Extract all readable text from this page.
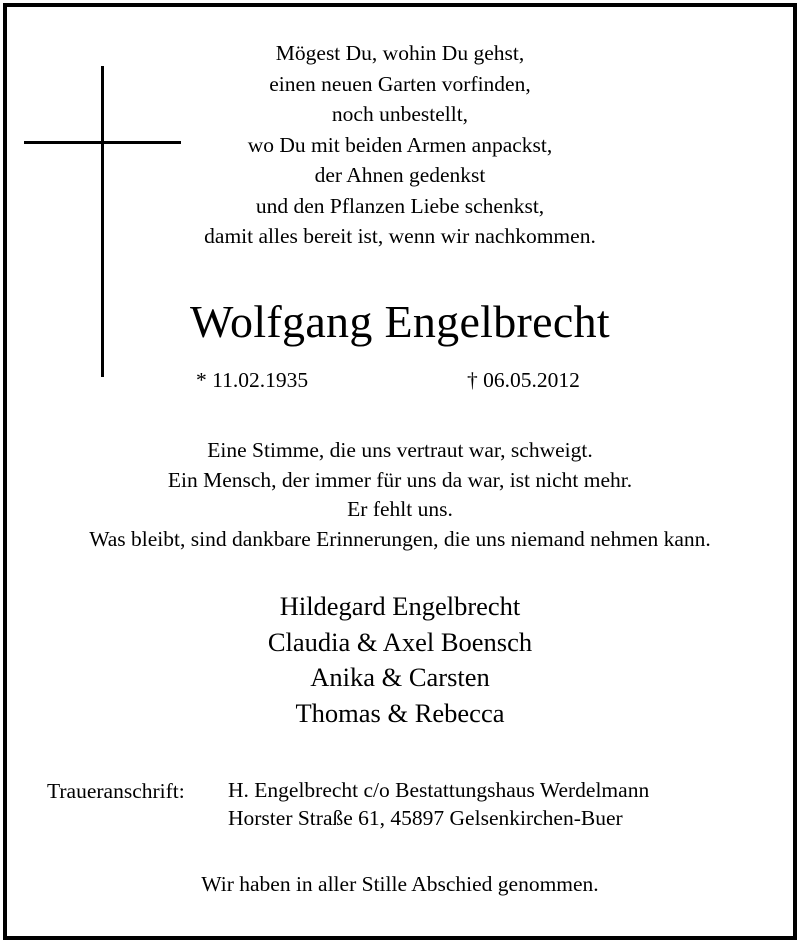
Mögest Du, wohin Du gehst,
einen neuen Garten vorfinden,
noch unbestellt,
wo Du mit beiden Armen anpackst,
der Ahnen gedenkst
und den Pflanzen Liebe schenkst,
damit alles bereit ist, wenn wir nachkommen.
Wolfgang Engelbrecht
* 11.02.1935	† 06.05.2012
Eine Stimme, die uns vertraut war, schweigt.
Ein Mensch, der immer für uns da war, ist nicht mehr.
Er fehlt uns.
Was bleibt, sind dankbare Erinnerungen, die uns niemand nehmen kann.
Hildegard Engelbrecht
Claudia & Axel Boensch
Anika & Carsten
Thomas & Rebecca
Traueranschrift: H. Engelbrecht c/o Bestattungshaus Werdelmann
Horster Straße 61, 45897 Gelsenkirchen-Buer
Wir haben in aller Stille Abschied genommen.
